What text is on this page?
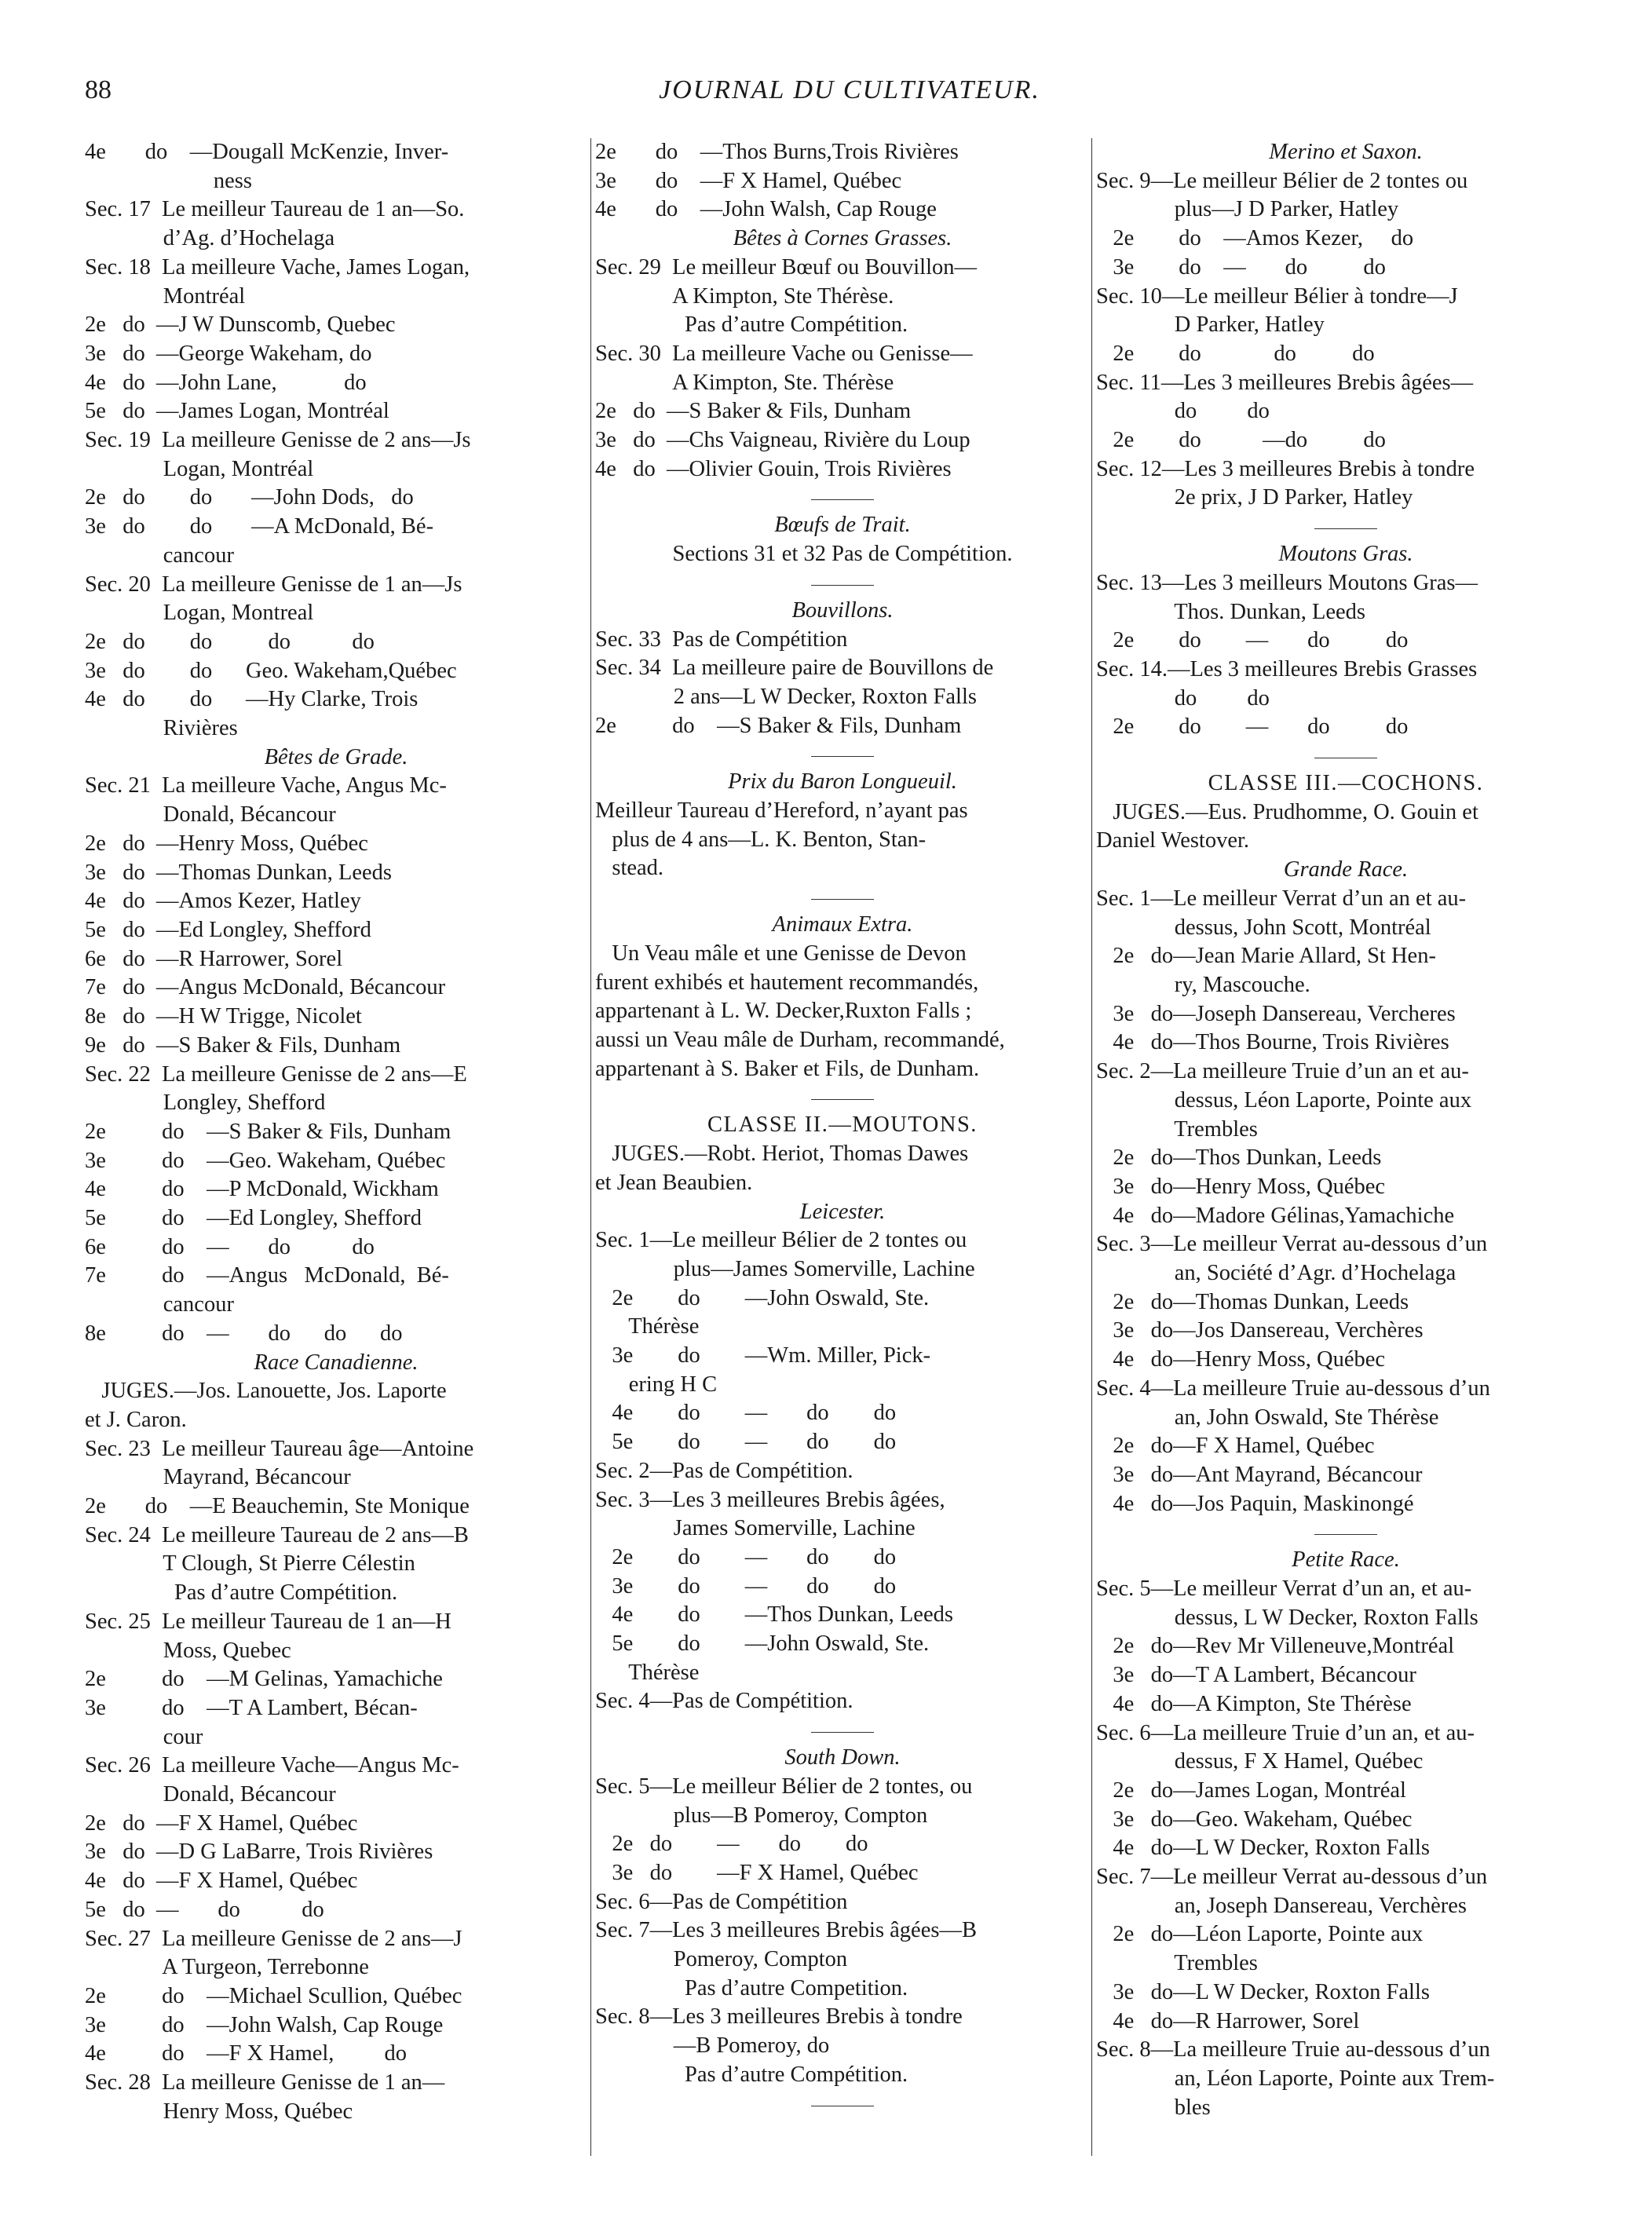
88	JOURNAL DU CULTIVATEUR.
4e       do    —Dougall McKenzie, Inver-
ness
Sec. 17  Le meilleur Taureau de 1 an—So.
d’Ag. d’Hochelaga
Sec. 18  La meilleure Vache, James Logan,
Montréal
2e   do  —J W Dunscomb, Quebec
3e   do  —George Wakeham, do
4e   do  —John Lane,            do
5e   do  —James Logan, Montréal
Sec. 19  La meilleure Genisse de 2 ans—Js
Logan, Montréal
2e   do        do       —John Dods,   do
3e   do        do       —A McDonald, Bé-
cancour
Sec. 20  La meilleure Genisse de 1 an—Js
Logan, Montreal
2e   do        do          do           do
3e   do        do      Geo. Wakeham,Québec
4e   do        do      —Hy Clarke, Trois
Rivières
Bêtes de Grade.
Sec. 21  La meilleure Vache, Angus Mc-
Donald, Bécancour
2e   do  —Henry Moss, Québec
3e   do  —Thomas Dunkan, Leeds
4e   do  —Amos Kezer, Hatley
5e   do  —Ed Longley, Shefford
6e   do  —R Harrower, Sorel
7e   do  —Angus McDonald, Bécancour
8e   do  —H W Trigge, Nicolet
9e   do  —S Baker & Fils, Dunham
Sec. 22  La meilleure Genisse de 2 ans—E
Longley, Shefford
2e          do    —S Baker & Fils, Dunham
3e          do    —Geo. Wakeham, Québec
4e          do    —P McDonald, Wickham
5e          do    —Ed Longley, Shefford
6e          do    —       do           do
7e          do    —Angus   McDonald,  Bé-
cancour
8e          do    —       do      do      do
Race Canadienne.
JUGES.—Jos. Lanouette, Jos. Laporte
et J. Caron.
Sec. 23  Le meilleur Taureau âge—Antoine
Mayrand, Bécancour
2e       do    —E Beauchemin, Ste Monique
Sec. 24  Le meilleure Taureau de 2 ans—B
T Clough, St Pierre Célestin
Pas d’autre Compétition.
Sec. 25  Le meilleur Taureau de 1 an—H
Moss, Quebec
2e          do    —M Gelinas, Yamachiche
3e          do    —T A Lambert, Bécan-
cour
Sec. 26  La meilleure Vache—Angus Mc-
Donald, Bécancour
2e   do  —F X Hamel, Québec
3e   do  —D G LaBarre, Trois Rivières
4e   do  —F X Hamel, Québec
5e   do  —       do           do
Sec. 27  La meilleure Genisse de 2 ans—J
A Turgeon, Terrebonne
2e          do    —Michael Scullion, Québec
3e          do    —John Walsh, Cap Rouge
4e          do    —F X Hamel,         do
Sec. 28  La meilleure Genisse de 1 an—
Henry Moss, Québec
2e       do    —Thos Burns,Trois Rivières
3e       do    —F X Hamel, Québec
4e       do    —John Walsh, Cap Rouge
Bêtes à Cornes Grasses.
Sec. 29  Le meilleur Bœuf ou Bouvillon—
A Kimpton, Ste Thérèse.
Pas d’autre Compétition.
Sec. 30  La meilleure Vache ou Genisse—
A Kimpton, Ste. Thérèse
2e   do  —S Baker & Fils, Dunham
3e   do  —Chs Vaigneau, Rivière du Loup
4e   do  —Olivier Gouin, Trois Rivières
Bœufs de Trait.
Sections 31 et 32 Pas de Compétition.
Bouvillons.
Sec. 33  Pas de Compétition
Sec. 34  La meilleure paire de Bouvillons de
2 ans—L W Decker, Roxton Falls
2e          do    —S Baker & Fils, Dunham
Prix du Baron Longueuil.
Meilleur Taureau d’Hereford, n’ayant pas
plus de 4 ans—L. K. Benton, Stan-
stead.
Animaux Extra.
Un Veau mâle et une Genisse de Devon
furent exhibés et hautement recommandés,
appartenant à L. W. Decker,Ruxton Falls ;
aussi un Veau mâle de Durham, recommandé,
appartenant à S. Baker et Fils, de Dunham.
CLASSE II.—MOUTONS.
JUGES.—Robt. Heriot, Thomas Dawes
et Jean Beaubien.
Leicester.
Sec. 1—Le meilleur Bélier de 2 tontes ou
plus—James Somerville, Lachine
2e        do        —John Oswald, Ste.
Thérèse
3e        do        —Wm. Miller, Pick-
ering H C
4e        do        —       do        do
5e        do        —       do        do
Sec. 2—Pas de Compétition.
Sec. 3—Les 3 meilleures Brebis âgées,
James Somerville, Lachine
2e        do        —       do        do
3e        do        —       do        do
4e        do        —Thos Dunkan, Leeds
5e        do        —John Oswald, Ste.
Thérèse
Sec. 4—Pas de Compétition.
South Down.
Sec. 5—Le meilleur Bélier de 2 tontes, ou
plus—B Pomeroy, Compton
2e   do        —       do        do
3e   do        —F X Hamel, Québec
Sec. 6—Pas de Compétition
Sec. 7—Les 3 meilleures Brebis âgées—B
Pomeroy, Compton
Pas d’autre Competition.
Sec. 8—Les 3 meilleures Brebis à tondre
—B Pomeroy, do
Pas d’autre Compétition.
Merino et Saxon.
Sec. 9—Le meilleur Bélier de 2 tontes ou
plus—J D Parker, Hatley
2e        do    —Amos Kezer,     do
3e        do    —       do          do
Sec. 10—Le meilleur Bélier à tondre—J
D Parker, Hatley
2e        do             do          do
Sec. 11—Les 3 meilleures Brebis âgées—
do         do
2e        do           —do          do
Sec. 12—Les 3 meilleures Brebis à tondre
2e prix, J D Parker, Hatley
Moutons Gras.
Sec. 13—Les 3 meilleurs Moutons Gras—
Thos. Dunkan, Leeds
2e        do        —       do          do
Sec. 14.—Les 3 meilleures Brebis Grasses
do         do
2e        do        —       do          do
CLASSE III.—COCHONS.
JUGES.—Eus. Prudhomme, O. Gouin et
Daniel Westover.
Grande Race.
Sec. 1—Le meilleur Verrat d’un an et au-
dessus, John Scott, Montréal
2e   do—Jean Marie Allard, St Hen-
ry, Mascouche.
3e   do—Joseph Dansereau, Vercheres
4e   do—Thos Bourne, Trois Rivières
Sec. 2—La meilleure Truie d’un an et au-
dessus, Léon Laporte, Pointe aux
Trembles
2e   do—Thos Dunkan, Leeds
3e   do—Henry Moss, Québec
4e   do—Madore Gélinas,Yamachiche
Sec. 3—Le meilleur Verrat au-dessous d’un
an, Société d’Agr. d’Hochelaga
2e   do—Thomas Dunkan, Leeds
3e   do—Jos Dansereau, Verchères
4e   do—Henry Moss, Québec
Sec. 4—La meilleure Truie au-dessous d’un
an, John Oswald, Ste Thérèse
2e   do—F X Hamel, Québec
3e   do—Ant Mayrand, Bécancour
4e   do—Jos Paquin, Maskinongé
Petite Race.
Sec. 5—Le meilleur Verrat d’un an, et au-
dessus, L W Decker, Roxton Falls
2e   do—Rev Mr Villeneuve,Montréal
3e   do—T A Lambert, Bécancour
4e   do—A Kimpton, Ste Thérèse
Sec. 6—La meilleure Truie d’un an, et au-
dessus, F X Hamel, Québec
2e   do—James Logan, Montréal
3e   do—Geo. Wakeham, Québec
4e   do—L W Decker, Roxton Falls
Sec. 7—Le meilleur Verrat au-dessous d’un
an, Joseph Dansereau, Verchères
2e   do—Léon Laporte, Pointe aux
Trembles
3e   do—L W Decker, Roxton Falls
4e   do—R Harrower, Sorel
Sec. 8—La meilleure Truie au-dessous d’un
an, Léon Laporte, Pointe aux Trem-
bles
